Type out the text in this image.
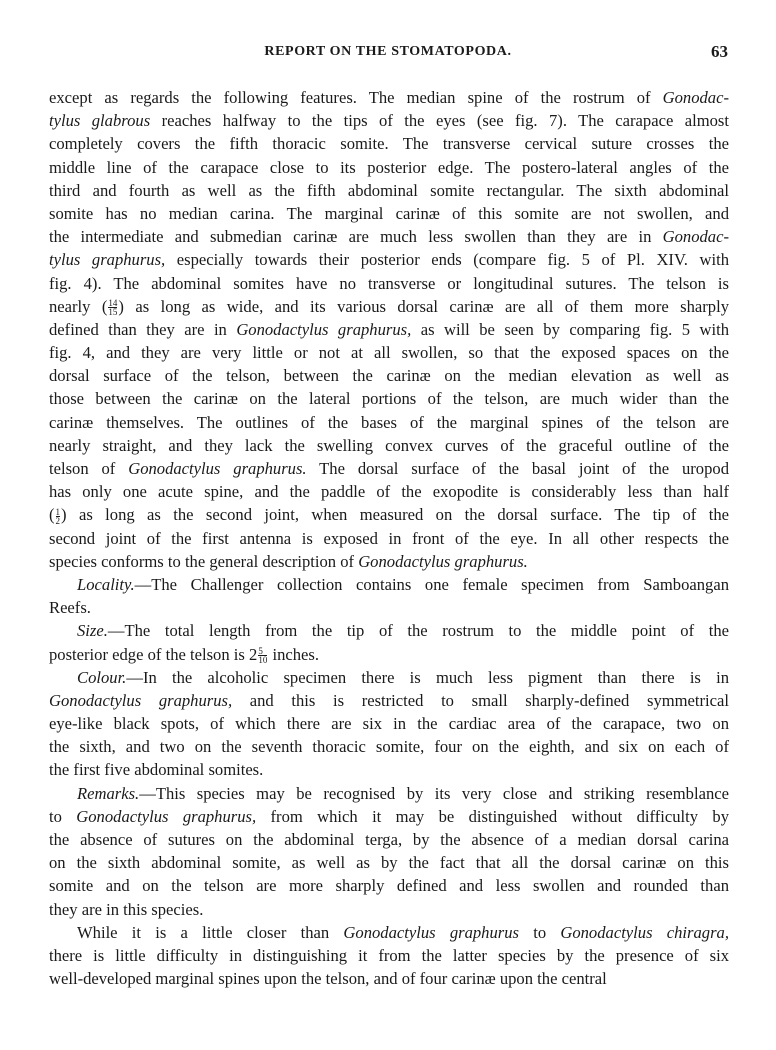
REPORT ON THE STOMATOPODA.	63
except as regards the following features. The median spine of the rostrum of Gonodac-
tylus glabrous reaches halfway to the tips of the eyes (see fig. 7). The carapace almost
completely covers the fifth thoracic somite. The transverse cervical suture crosses the
middle line of the carapace close to its posterior edge. The postero-lateral angles of the
third and fourth as well as the fifth abdominal somite rectangular. The sixth abdominal
somite has no median carina. The marginal carinæ of this somite are not swollen, and
the intermediate and submedian carinæ are much less swollen than they are in Gonodac-
tylus graphurus, especially towards their posterior ends (compare fig. 5 of Pl. XIV. with
fig. 4). The abdominal somites have no transverse or longitudinal sutures. The telson is
nearly ( $\frac{14}{15}$ ) as long as wide, and its various dorsal carinæ are all of them more sharply
defined than they are in Gonodactylus graphurus, as will be seen by comparing fig. 5 with
fig. 4, and they are very little or not at all swollen, so that the exposed spaces on the
dorsal surface of the telson, between the carinæ on the median elevation as well as
those between the carinæ on the lateral portions of the telson, are much wider than the
carinæ themselves. The outlines of the bases of the marginal spines of the telson are
nearly straight, and they lack the swelling convex curves of the graceful outline of the
telson of Gonodactylus graphurus. The dorsal surface of the basal joint of the uropod
has only one acute spine, and the paddle of the exopodite is considerably less than half
( $\frac{1}{2}$ ) as long as the second joint, when measured on the dorsal surface. The tip of the
second joint of the first antenna is exposed in front of the eye. In all other respects the
species conforms to the general description of Gonodactylus graphurus.
Locality.—The Challenger collection contains one female specimen from Samboangan
Reefs.
Size.—The total length from the tip of the rostrum to the middle point of the
posterior edge of the telson is $2 \frac{5}{10}$ inches.
Colour.—In the alcoholic specimen there is much less pigment than there is in
Gonodactylus graphurus, and this is restricted to small sharply-defined symmetrical
eye-like black spots, of which there are six in the cardiac area of the carapace, two on
the sixth, and two on the seventh thoracic somite, four on the eighth, and six on each of
the first five abdominal somites.
Remarks.—This species may be recognised by its very close and striking resemblance
to Gonodactylus graphurus, from which it may be distinguished without difficulty by
the absence of sutures on the abdominal terga, by the absence of a median dorsal carina
on the sixth abdominal somite, as well as by the fact that all the dorsal carinæ on this
somite and on the telson are more sharply defined and less swollen and rounded than
they are in this species.
While it is a little closer than Gonodactylus graphurus to Gonodactylus chiragra,
there is little difficulty in distinguishing it from the latter species by the presence of six
well-developed marginal spines upon the telson, and of four carinæ upon the central
